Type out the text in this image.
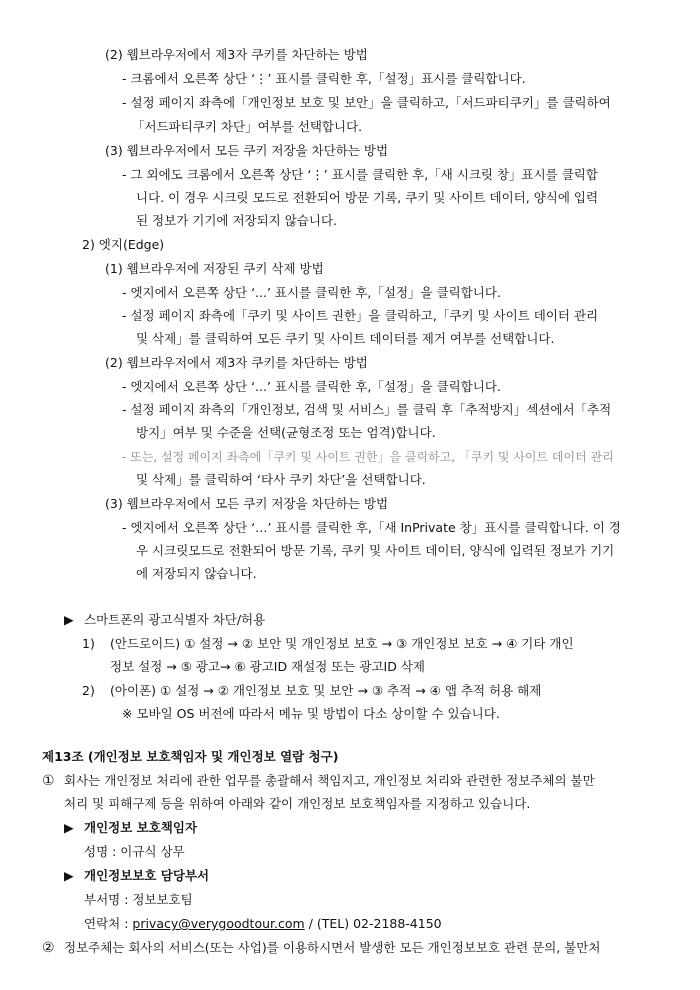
(2) 웹브라우저에서 제3자 쿠키를 차단하는 방법
- 크롬에서 오른쪽 상단 ‘⋮’ 표시를 클릭한 후,「설정」표시를 클릭합니다.
- 설정 페이지 좌측에「개인정보 보호 및 보안」을 클릭하고,「서드파티쿠키」를 클릭하여
「서드파티쿠키 차단」여부를 선택합니다.
(3) 웹브라우저에서 모든 쿠키 저장을 차단하는 방법
- 그 외에도 크롬에서 오른쪽 상단 ‘⋮’ 표시를 클릭한 후,「새 시크릿 창」표시를 클릭합
니다. 이 경우 시크릿 모드로 전환되어 방문 기록, 쿠키 및 사이트 데이터, 양식에 입력
된 정보가 기기에 저장되지 않습니다.
2) 엣지(Edge)
(1) 웹브라우저에 저장된 쿠키 삭제 방법
- 엣지에서 오른쪽 상단 ‘...’ 표시를 클릭한 후,「설정」을 클릭합니다.
- 설정 페이지 좌측에「쿠키 및 사이트 권한」을 클릭하고,「쿠키 및 사이트 데이터 관리
및 삭제」를 클릭하여 모든 쿠키 및 사이트 데이터를 제거 여부를 선택합니다.
(2) 웹브라우저에서 제3자 쿠키를 차단하는 방법
- 엣지에서 오른쪽 상단 ‘...’ 표시를 클릭한 후,「설정」을 클릭합니다.
- 설정 페이지 좌측의「개인정보, 검색 및 서비스」를 클릭 후「추적방지」섹션에서「추적
방지」여부 및 수준을 선택(균형조정 또는 엄격)합니다.
- 또는, 설정 페이지 좌측에「쿠키 및 사이트 권한」을 클릭하고, 「쿠키 및 사이트 데이터 관리
및 삭제」를 클릭하여 ‘타사 쿠키 차단’을 선택합니다.
(3) 웹브라우저에서 모든 쿠키 저장을 차단하는 방법
- 엣지에서 오른쪽 상단 ‘…’ 표시를 클릭한 후,「새 InPrivate 창」표시를 클릭합니다. 이 경
우 시크릿모드로 전환되어 방문 기록, 쿠키 및 사이트 데이터, 양식에 입력된 정보가 기기
에 저장되지 않습니다.
▶ 스마트폰의 광고식별자 차단/허용
1) (안드로이드) ① 설정 → ② 보안 및 개인정보 보호 → ③ 개인정보 보호 → ④ 기타 개인
정보 설정 → ⑤ 광고→ ⑥ 광고ID 재설정 또는 광고ID 삭제
2) (아이폰) ① 설정 → ② 개인정보 보호 및 보안 → ③ 추적 → ④ 앱 추적 허용 해제
※ 모바일 OS 버전에 따라서 메뉴 및 방법이 다소 상이할 수 있습니다.
제13조 (개인정보 보호책임자 및 개인정보 열람 청구)
① 회사는 개인정보 처리에 관한 업무를 총괄해서 책임지고, 개인정보 처리와 관련한 정보주체의 불만
처리 및 피해구제 등을 위하여 아래와 같이 개인정보 보호책임자를 지정하고 있습니다.
▶ 개인정보 보호책임자
성명 : 이규식 상무
▶ 개인정보보호 담당부서
부서명 : 정보보호팀
연락처 : privacy@verygoodtour.com / (TEL) 02-2188-4150
② 정보주체는 회사의 서비스(또는 사업)를 이용하시면서 발생한 모든 개인정보보호 관련 문의, 불만처
